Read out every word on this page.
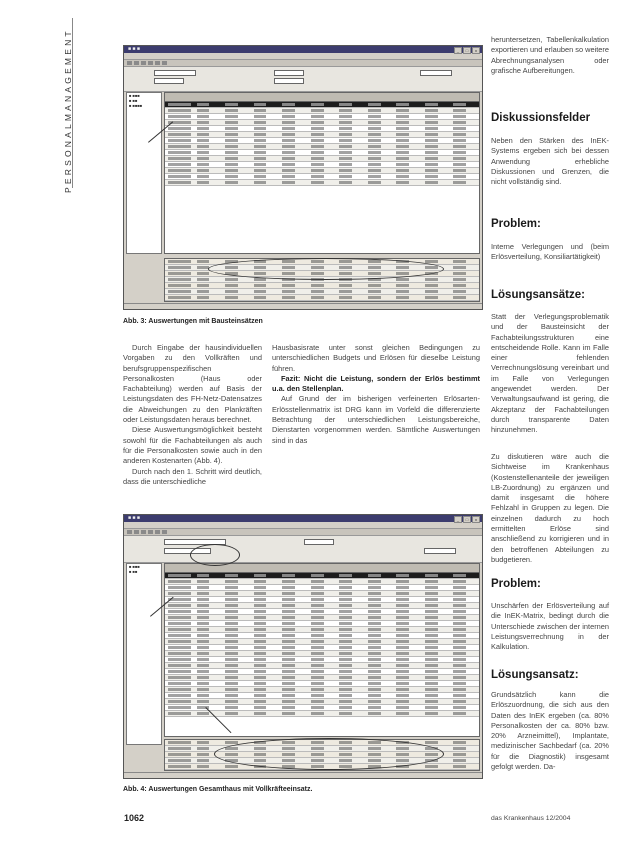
PERSONALMANAGEMENT	■ ■ ■	_	□	x

■ ■■■
■ ■■
■ ■■■■

Abb. 3: Auswertungen mit Bausteinsätzen

Durch Eingabe der hausindividuellen Vorgaben zu den Vollkräften und berufsgruppenspezifischen Personalkosten (Haus oder Fachabteilung) werden auf Basis der Leistungsdaten des FH-Netz-Datensatzes die Abweichungen zu den Plankräften oder Leistungsdaten heraus berechnet.

Diese Auswertungsmöglichkeit besteht sowohl für die Fachabteilungen als auch für die Personalkosten sowie auch in den anderen Kostenarten (Abb. 4).

Durch nach den 1. Schritt wird deutlich, dass die unterschiedliche

Hausbasisrate unter sonst gleichen Bedingungen zu unterschiedlichen Budgets und Erlösen für dieselbe Leistung führen.

Fazit: Nicht die Leistung, sondern der Erlös bestimmt u.a. den Stellenplan.

Auf Grund der im bisherigen verfeinerten Erlösarten-Erlösstellenmatrix ist DRG kann im Vorfeld die differenzierte Betrachtung der unterschiedlichen Leistungsbereiche, Dienstarten vorgenommen werden. Sämtliche Auswertungen sind in das

■ ■ ■	_	□	x

■ ■■■
■ ■■

Abb. 4: Auswertungen Gesamthaus mit Vollkräfteeinsatz.
heruntersetzen, Tabellenkalkulation exportieren und erlauben so weitere Abrechnungsanalysen oder grafische Aufbereitungen.
Diskussionsfelder
Neben den Stärken des InEK-Systems ergeben sich bei dessen Anwendung erhebliche Diskussionen und Grenzen, die nicht vollständig sind.
Problem:
Interne Verlegungen und (beim Erlösverteilung, Konsiliartätigkeit)
Lösungsansätze:
Statt der Verlegungsproblematik und der Bausteinsicht der Fachabteilungsstrukturen eine entscheidende Rolle. Kann im Falle einer fehlenden Verrechnungslösung vereinbart und im Falle von Verlegungen angewendet werden. Der Verwaltungsaufwand ist gering, die Akzeptanz der Fachabteilungen durch transparente Daten hinzunehmen.
Zu diskutieren wäre auch die Sichtweise im Krankenhaus (Kostenstellenanteile der jeweiligen LB-Zuordnung) zu ergänzen und damit insgesamt die höhere Fehlzahl in Gruppen zu legen. Die einzelnen dadurch zu hoch ermittelten Erlöse sind anschließend zu korrigieren und in den betroffenen Abteilungen zu budgetieren.
Problem:
Unschärfen der Erlösverteilung auf die InEK-Matrix, bedingt durch die Unterschiede zwischen der internen Leistungsverrechnung in der Kalkulation.
Lösungsansatz:
Grundsätzlich kann die Erlöszuordnung, die sich aus den Daten des InEK ergeben (ca. 80% Personalkosten der ca. 80% bzw. 20% Arzneimittel), Implantate, medizinischer Sachbedarf (ca. 20% für die Diagnostik) insgesamt gefolgt werden. Da-
1062	das Krankenhaus 12/2004
